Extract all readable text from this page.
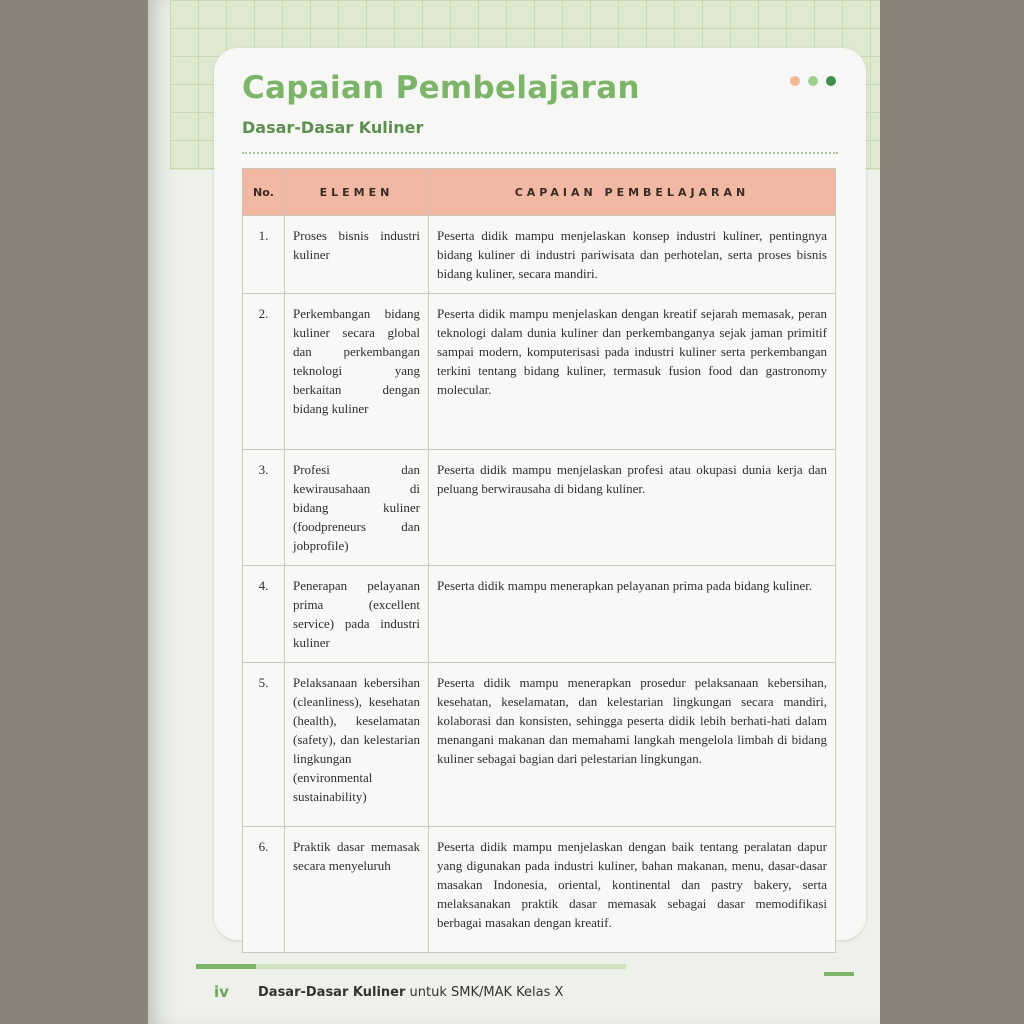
Capaian Pembelajaran
Dasar-Dasar Kuliner
No.	ELEMEN	CAPAIAN PEMBELAJARAN
1.	Proses bisnis industri kuliner	Peserta didik mampu menjelaskan konsep industri kuliner, pentingnya bidang kuliner di industri pariwisata dan perhotelan, serta proses bisnis bidang kuliner, secara mandiri.
2.	Perkembangan bidang kuliner secara global dan perkembangan teknologi yang berkaitan dengan bidang kuliner	Peserta didik mampu menjelaskan dengan kreatif sejarah memasak, peran teknologi dalam dunia kuliner dan perkembanganya sejak jaman primitif sampai modern, komputerisasi pada industri kuliner serta perkembangan terkini tentang bidang kuliner, termasuk fusion food dan gastronomy molecular.
3.	Profesi dan kewirausahaan di bidang kuliner (foodpreneurs dan jobprofile)	Peserta didik mampu menjelaskan profesi atau okupasi dunia kerja dan peluang berwirausaha di bidang kuliner.
4.	Penerapan pelayanan prima (excellent service) pada industri kuliner	Peserta didik mampu menerapkan pelayanan prima pada bidang kuliner.
5.	Pelaksanaan kebersihan (cleanliness), kesehatan (health), keselamatan (safety), dan kelestarian lingkungan (environmental sustainability)	Peserta didik mampu menerapkan prosedur pelaksanaan kebersihan, kesehatan, keselamatan, dan kelestarian lingkungan secara mandiri, kolaborasi dan konsisten, sehingga peserta didik lebih berhati-hati dalam menangani makanan dan memahami langkah mengelola limbah di bidang kuliner sebagai bagian dari pelestarian lingkungan.
6.	Praktik dasar memasak secara menyeluruh	Peserta didik mampu menjelaskan dengan baik tentang peralatan dapur yang digunakan pada industri kuliner, bahan makanan, menu, dasar-dasar masakan Indonesia, oriental, kontinental dan pastry bakery, serta melaksanakan praktik dasar memasak sebagai dasar memodifikasi berbagai masakan dengan kreatif.
iv Dasar-Dasar Kuliner untuk SMK/MAK Kelas X
